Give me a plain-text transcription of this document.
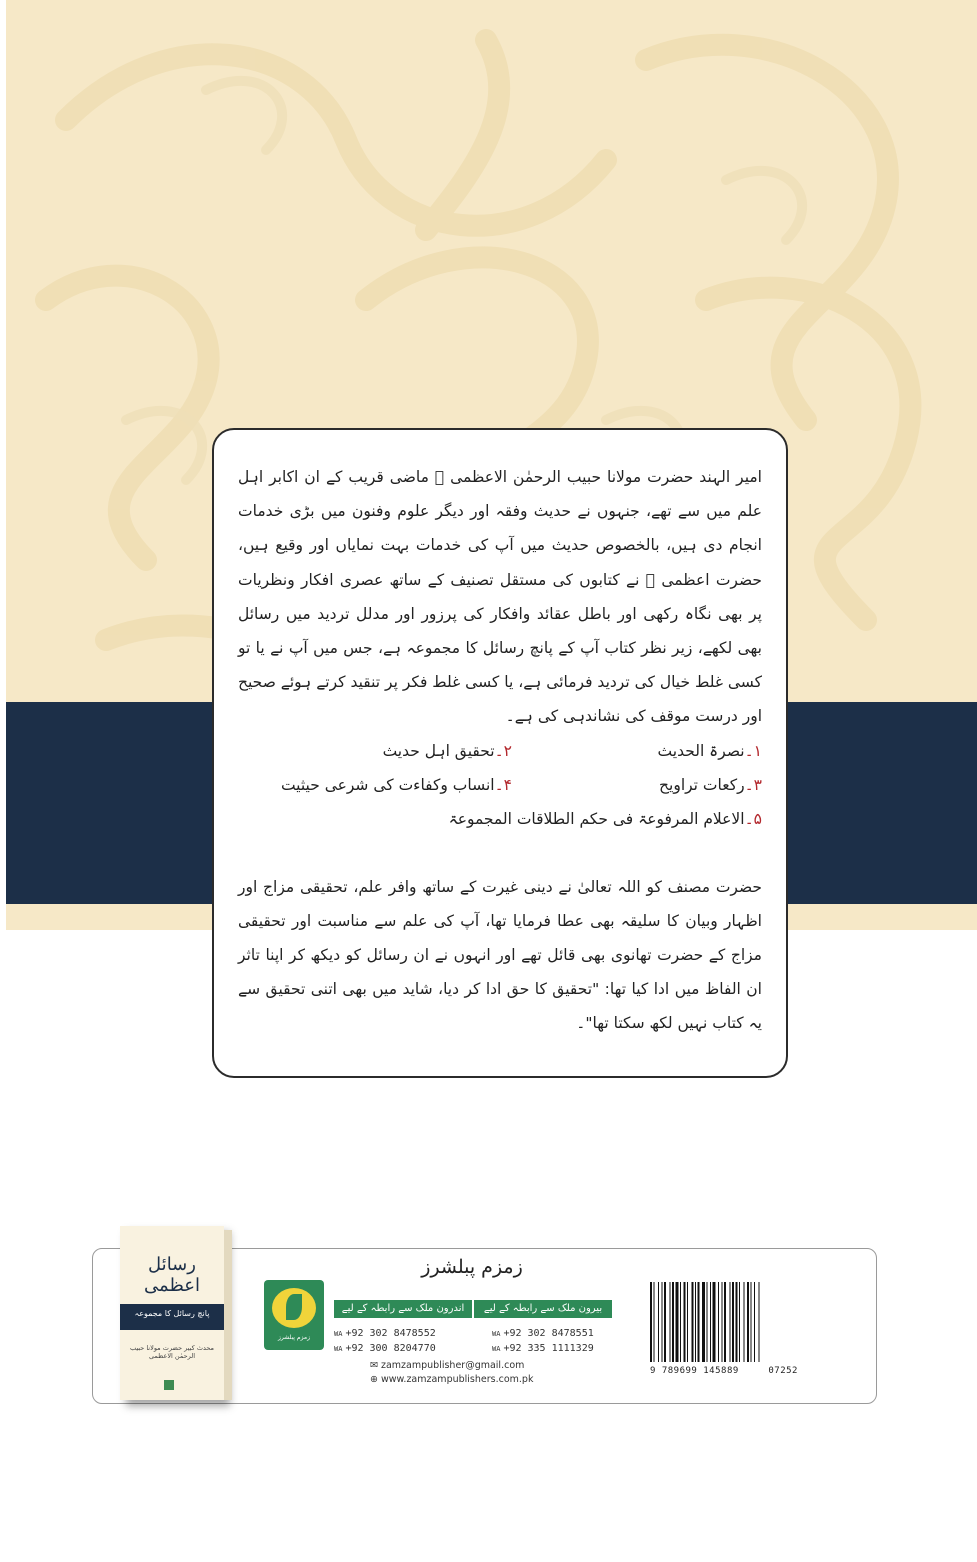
امیر الہند حضرت مولانا حبیب الرحمٰن الاعظمی ﷫ ماضی قریب کے ان اکابر اہل علم میں سے تھے، جنہوں نے حدیث وفقہ اور دیگر علوم وفنون میں بڑی خدمات انجام دی ہیں، بالخصوص حدیث میں آپ کی خدمات بہت نمایاں اور وقیع ہیں، حضرت اعظمی ﷫ نے کتابوں کی مستقل تصنیف کے ساتھ عصری افکار ونظریات پر بھی نگاہ رکھی اور باطل عقائد وافکار کی پرزور اور مدلل تردید میں رسائل بھی لکھے، زیر نظر کتاب آپ کے پانچ رسائل کا مجموعہ ہے، جس میں آپ نے یا تو کسی غلط خیال کی تردید فرمائی ہے، یا کسی غلط فکر پر تنقید کرتے ہوئے صحیح اور درست موقف کی نشاندہی کی ہے۔

۱۔نصرۃ الحدیث
۲۔تحقیق اہل حدیث
۳۔رکعات تراویح
۴۔انساب وکفاءت کی شرعی حیثیت
۵۔الاعلام المرفوعۃ فی حکم الطلاقات المجموعۃ

حضرت مصنف کو اللہ تعالیٰ نے دینی غیرت کے ساتھ وافر علم، تحقیقی مزاج اور اظہار وبیان کا سلیقہ بھی عطا فرمایا تھا، آپ کی علم سے مناسبت اور تحقیقی مزاج کے حضرت تھانوی بھی قائل تھے اور انہوں نے ان رسائل کو دیکھ کر اپنا تاثر ان الفاظ میں ادا کیا تھا: "تحقیق کا حق ادا کر دیا، شاید میں بھی اتنی تحقیق سے یہ کتاب نہیں لکھ سکتا تھا"۔

رسائل اعظمی
پانچ رسائل کا مجموعہ
محدث کبیر حضرت مولانا حبیب الرحمٰن الاعظمی
زمزم پبلشرز
زمزم پبلشرز
بیرون ملک سے رابطہ کے لیے
اندرون ملک سے رابطہ کے لیے
WA +92 302 8478551
WA +92 335 1111329
WA +92 302 8478552
WA +92 300 8204770
✉ zamzampublisher@gmail.com
⊕ www.zamzampublishers.com.pk
9 789699 145889	07252
